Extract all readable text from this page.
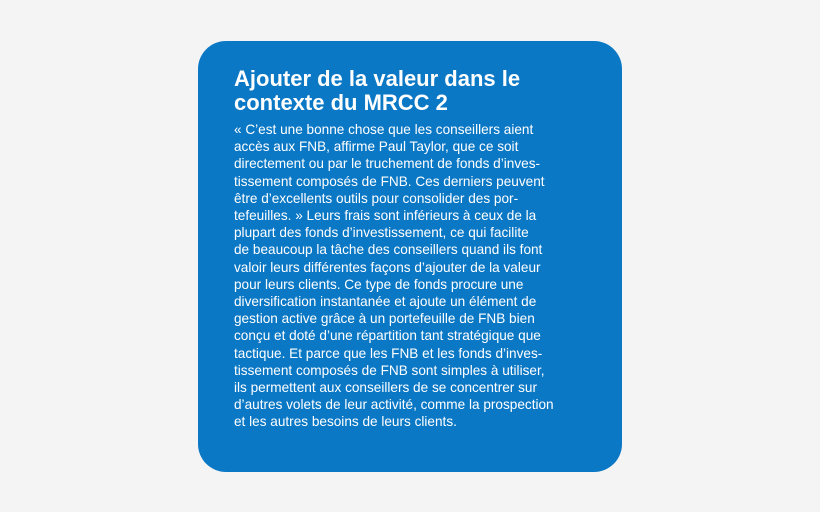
Ajouter de la valeur dans le
contexte du MRCC 2

« C’est une bonne chose que les conseillers aient
accès aux FNB, affirme Paul Taylor, que ce soit
directement ou par le truchement de fonds d’inves-
tissement composés de FNB. Ces derniers peuvent
être d’excellents outils pour consolider des por-
tefeuilles. » Leurs frais sont inférieurs à ceux de la
plupart des fonds d’investissement, ce qui facilite
de beaucoup la tâche des conseillers quand ils font
valoir leurs différentes façons d’ajouter de la valeur
pour leurs clients. Ce type de fonds procure une
diversification instantanée et ajoute un élément de
gestion active grâce à un portefeuille de FNB bien
conçu et doté d’une répartition tant stratégique que
tactique. Et parce que les FNB et les fonds d’inves-
tissement composés de FNB sont simples à utiliser,
ils permettent aux conseillers de se concentrer sur
d’autres volets de leur activité, comme la prospection
et les autres besoins de leurs clients.
